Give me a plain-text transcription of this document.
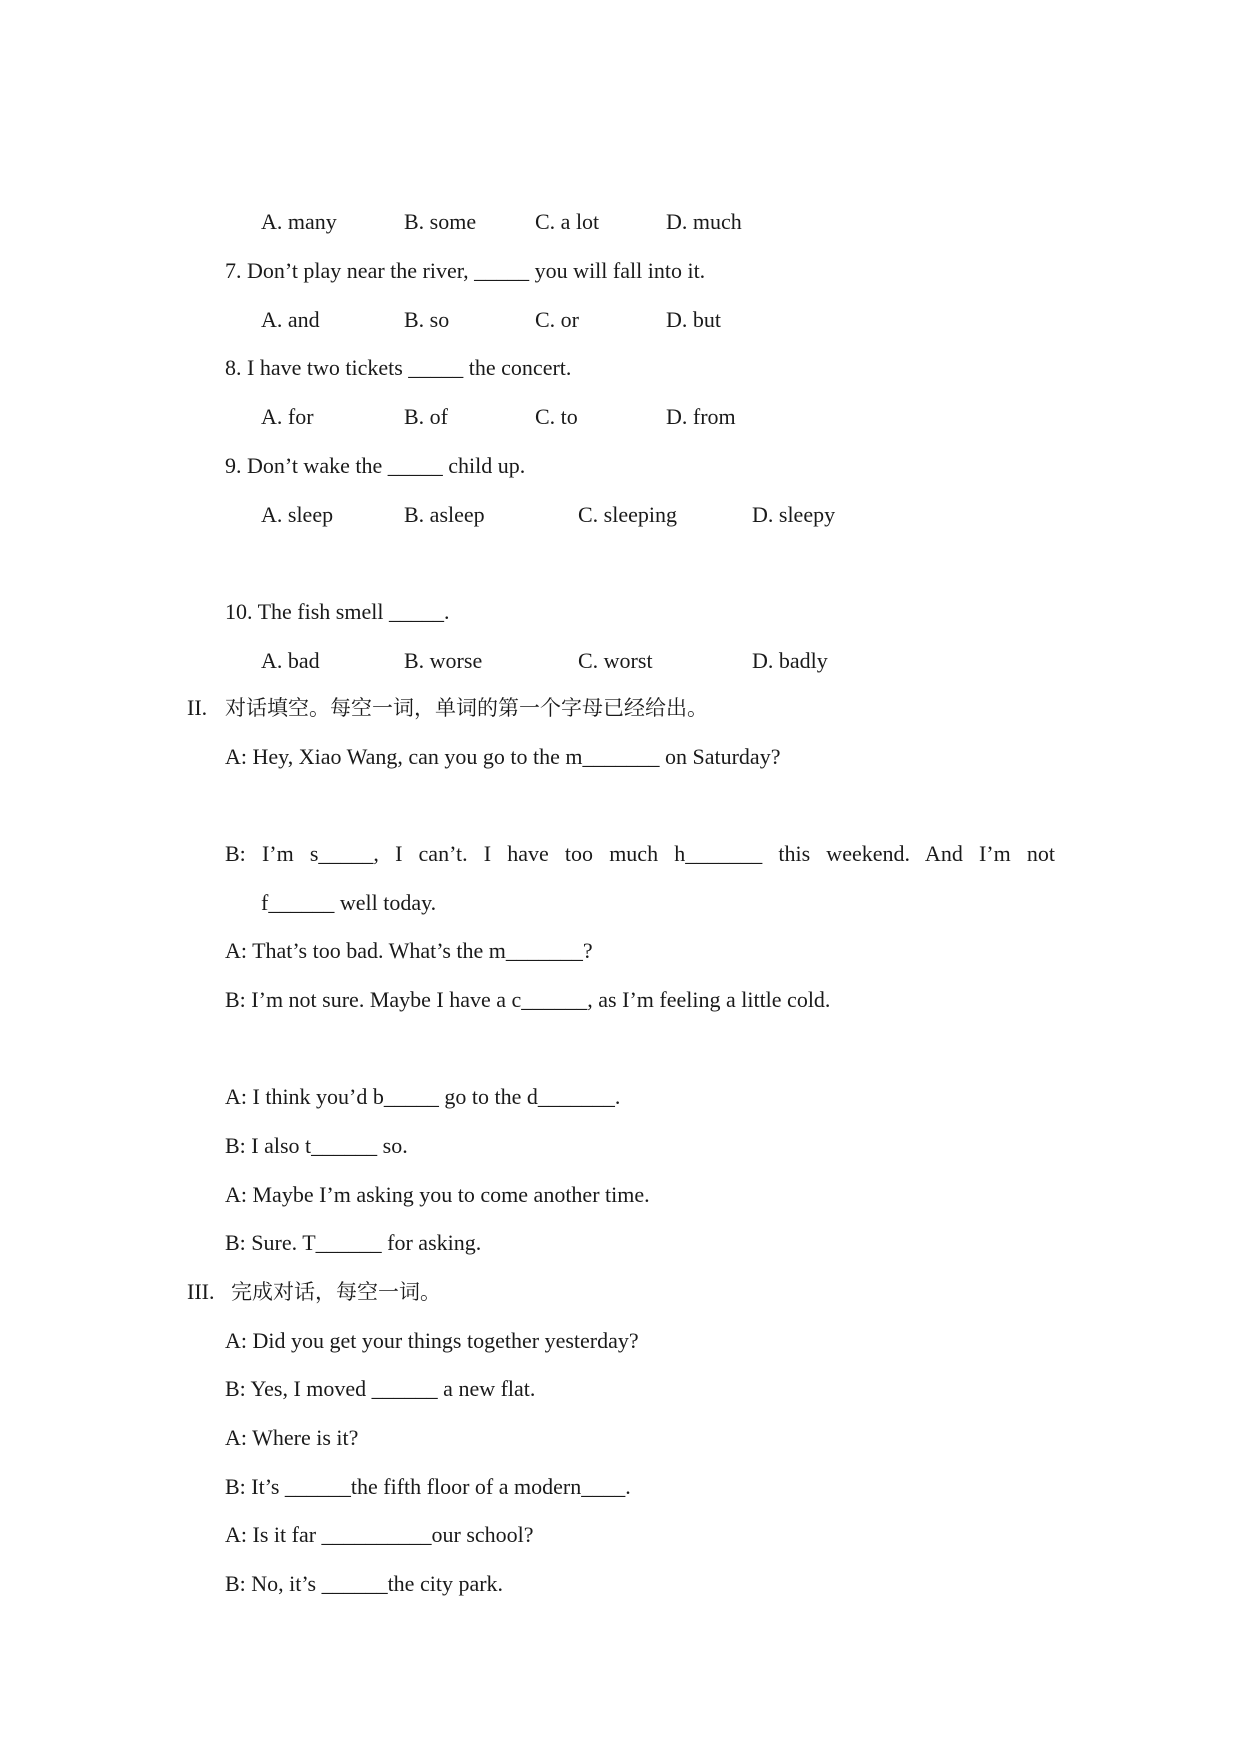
A. many	B. some	C. a lot	D. much
7. Don’t play near the river, _____ you will fall into it.
A. and	B. so	C. or	D. but
8. I have two tickets _____ the concert.
A. for	B. of	C. to	D. from
9. Don’t wake the _____ child up.
A. sleep	B. asleep	C. sleeping	D. sleepy
10. The fish smell _____.
A. bad	B. worse	C. worst	D. badly
II. 对话填空。每空一词，单词的第一个字母已经给出。
A: Hey, Xiao Wang, can you go to the m_______ on Saturday?
B: I’m s_____, I can’t. I have too much h_______ this weekend. And I’m not
f______ well today.
A: That’s too bad. What’s the m_______?
B: I’m not sure. Maybe I have a c______, as I’m feeling a little cold.
A: I think you’d b_____ go to the d_______.
B: I also t______ so.
A: Maybe I’m asking you to come another time.
B: Sure. T______ for asking.
III. 完成对话，每空一词。
A: Did you get your things together yesterday?
B: Yes, I moved ______ a new flat.
A: Where is it?
B: It’s ______the fifth floor of a modern____.
A: Is it far __________our school?
B: No, it’s ______the city park.
